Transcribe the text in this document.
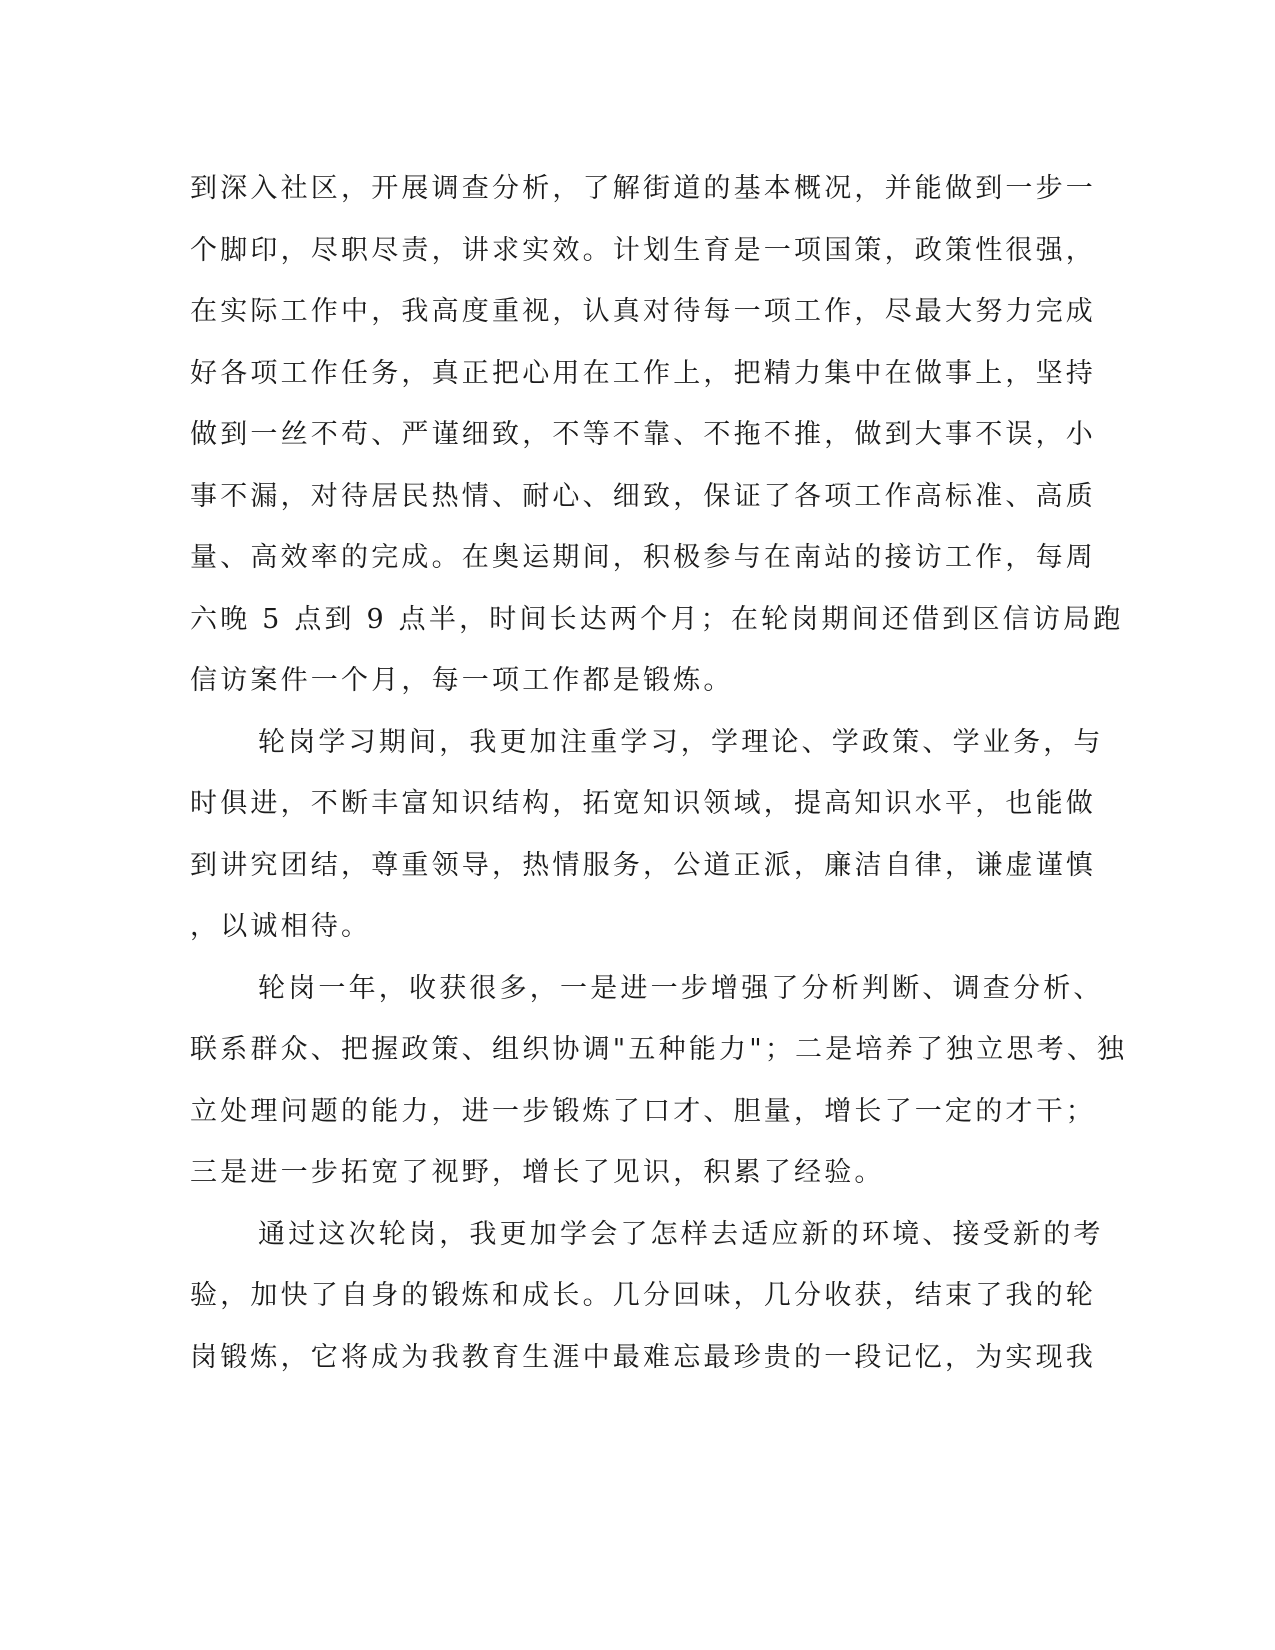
到深入社区，开展调查分析，了解街道的基本概况，并能做到一步一
个脚印，尽职尽责，讲求实效。计划生育是一项国策，政策性很强，
在实际工作中，我高度重视，认真对待每一项工作，尽最大努力完成
好各项工作任务，真正把心用在工作上，把精力集中在做事上，坚持
做到一丝不苟、严谨细致，不等不靠、不拖不推，做到大事不误，小
事不漏，对待居民热情、耐心、细致，保证了各项工作高标准、高质
量、高效率的完成。在奥运期间，积极参与在南站的接访工作，每周
六晚 5 点到 9 点半，时间长达两个月；在轮岗期间还借到区信访局跑
信访案件一个月，每一项工作都是锻炼。
轮岗学习期间，我更加注重学习，学理论、学政策、学业务，与
时俱进，不断丰富知识结构，拓宽知识领域，提高知识水平，也能做
到讲究团结，尊重领导，热情服务，公道正派，廉洁自律，谦虚谨慎
，以诚相待。
轮岗一年，收获很多，一是进一步增强了分析判断、调查分析、
联系群众、把握政策、组织协调"五种能力"；二是培养了独立思考、独
立处理问题的能力，进一步锻炼了口才、胆量，增长了一定的才干；
三是进一步拓宽了视野，增长了见识，积累了经验。
通过这次轮岗，我更加学会了怎样去适应新的环境、接受新的考
验，加快了自身的锻炼和成长。几分回味，几分收获，结束了我的轮
岗锻炼，它将成为我教育生涯中最难忘最珍贵的一段记忆，为实现我
